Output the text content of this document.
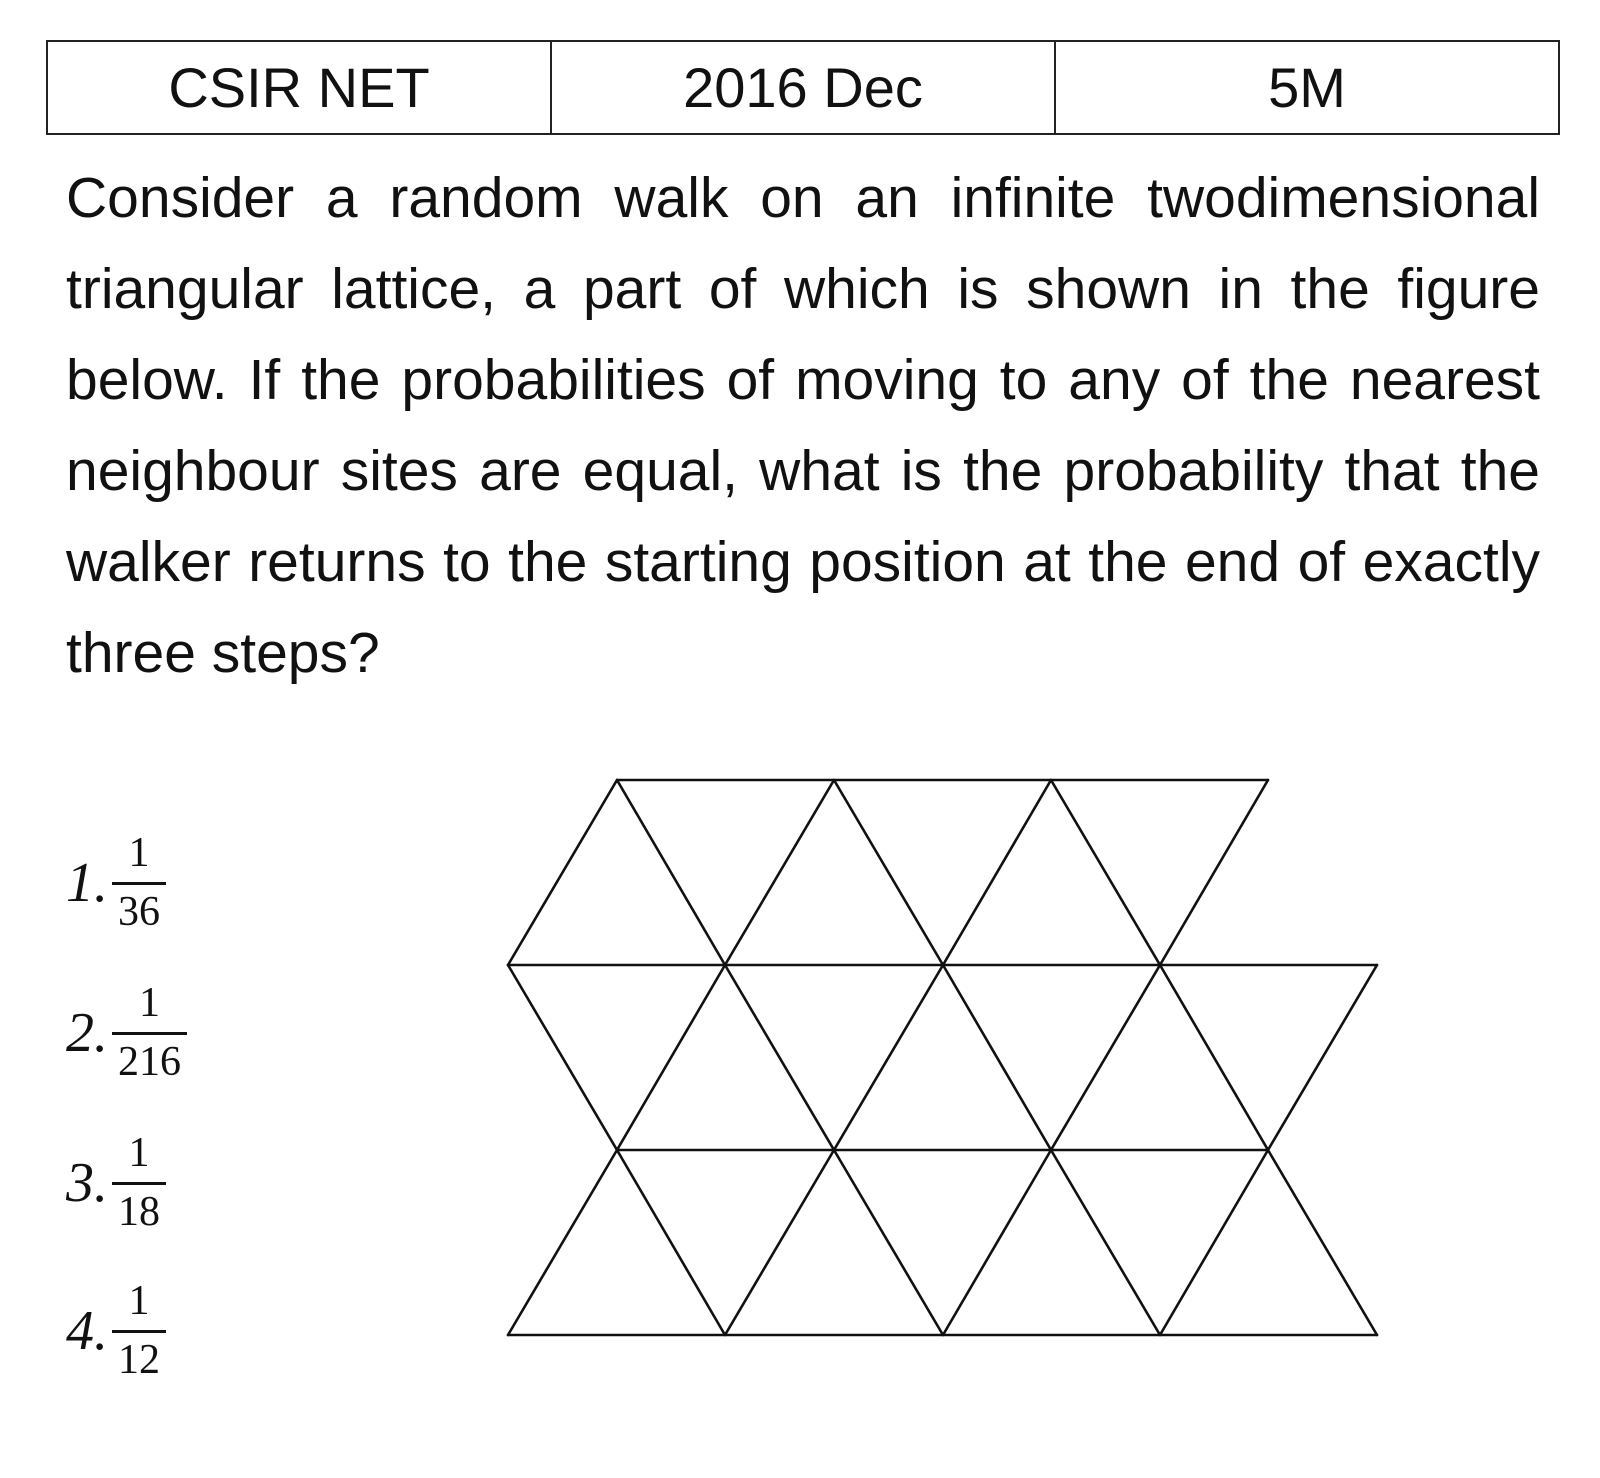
CSIR NET	2016 Dec	5M

Consider a random walk on an infinite twodimensional triangular lattice, a part of which is shown in the figure below. If the probabilities of moving to any of the nearest neighbour sites are equal, what is the probability that the walker returns to the starting position at the end of exactly three steps?

1. $\frac{1}{36}$
2. $\frac{1}{216}$
3. $\frac{1}{18}$
4. $\frac{1}{12}$
